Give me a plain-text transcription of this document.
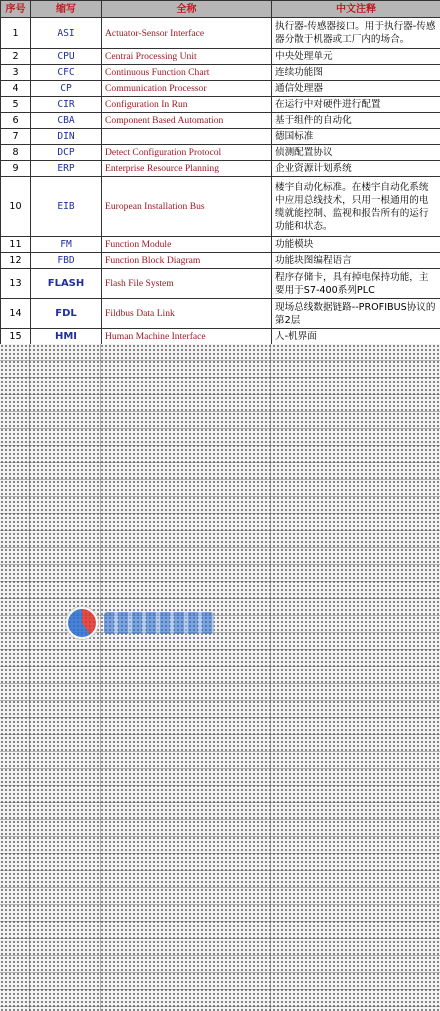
序号	缩写	全称	中文注释
1	ASI	Actuator-Sensor Interface	执行器-传感器接口。用于执行器-传感器分散于机器或工厂内的场合。
2	CPU	Centrai Processing Unit	中央处理单元
3	CFC	Continuous Function Chart	连续功能图
4	CP	Communication Processor	通信处理器
5	CIR	Configuration In Run	在运行中对硬件进行配置
6	CBA	Component Based Automation	基于组件的自动化
7	DIN		德国标准
8	DCP	Detect Configuration Protocol	侦测配置协议
9	ERP	Enterprise Resource Planning	企业资源计划系统
10	EIB	European Installation Bus	楼宇自动化标准。在楼宇自动化系统中应用总线技术，只用一根通用的电缆就能控制、监视和报告所有的运行功能和状态。
11	FM	Function Module	功能模块
12	FBD	Function Block Diagram	功能块图编程语言
13	FLASH	Flash File System	程序存储卡，具有掉电保持功能，主要用于S7-400系列PLC
14	FDL	Fildbus Data Link	现场总线数据链路--PROFIBUS协议的第2层
15	HMI	Human Machine Interface	人-机界面
